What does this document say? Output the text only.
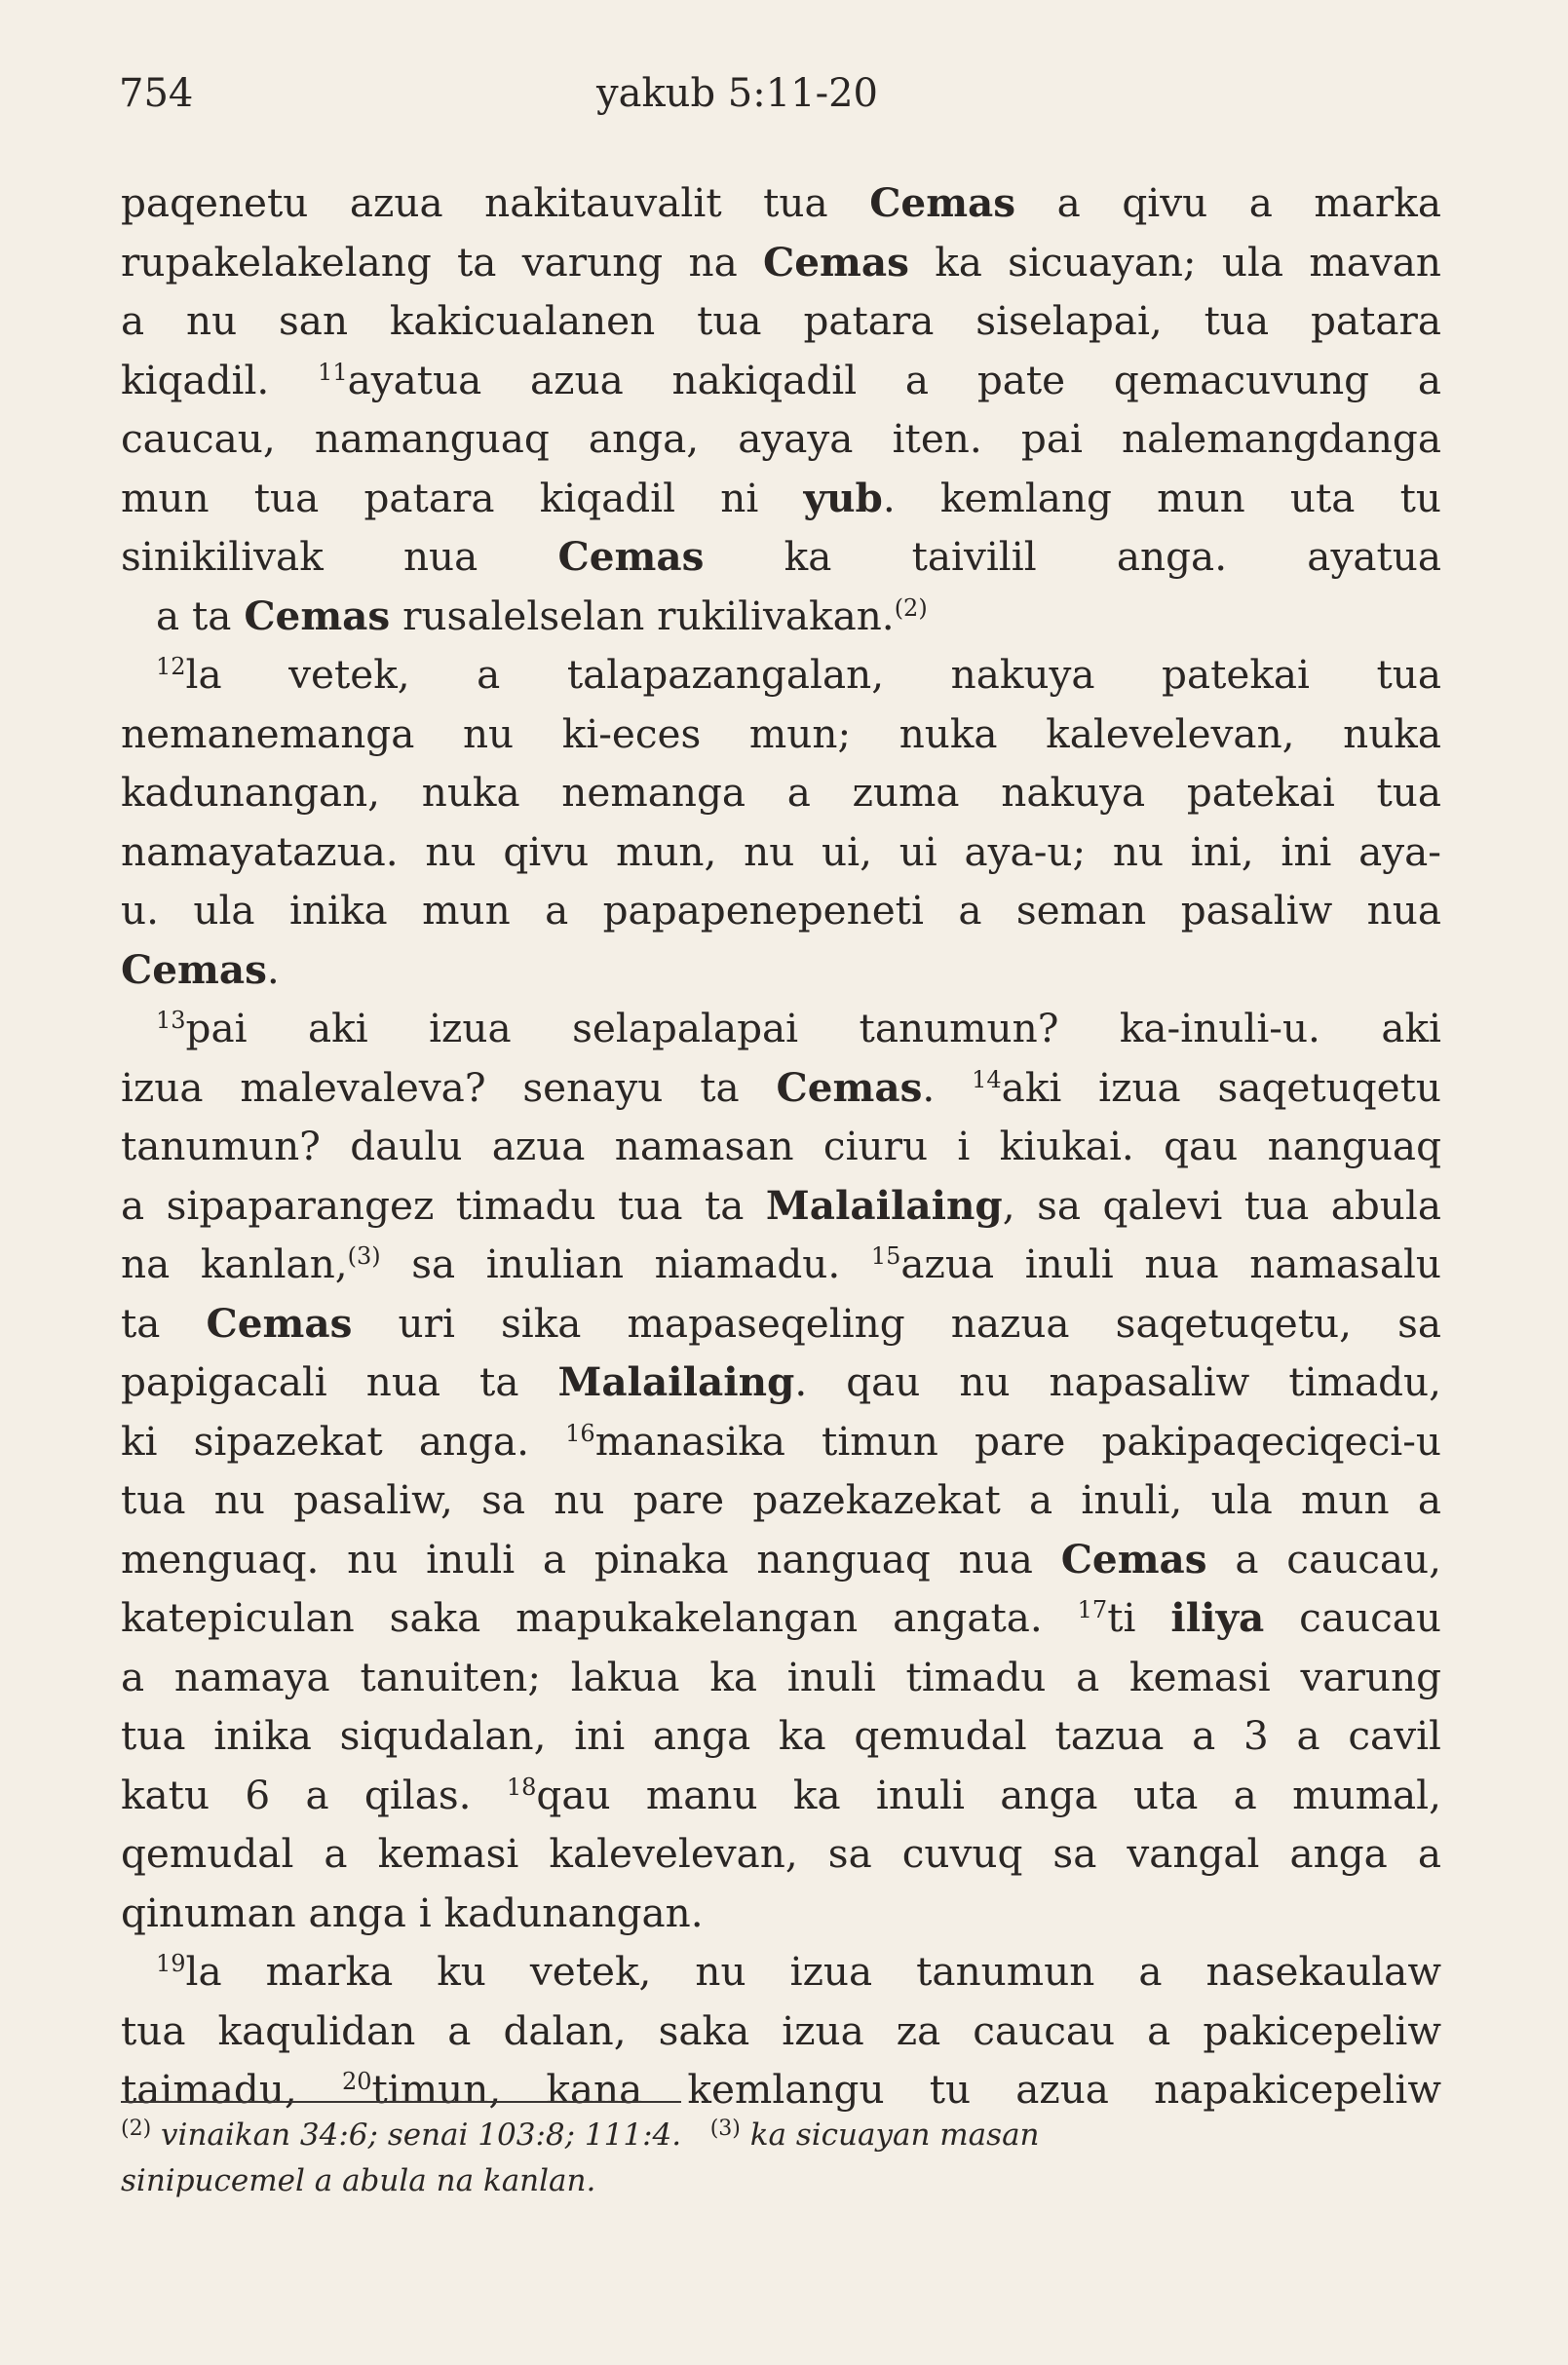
754	yakub 5:11-20
paqenetu azua nakitauvalit tua Cemas a qivu a marka
rupakelakelang ta varung na Cemas ka sicuayan; ula mavan
a nu san kakicualanen tua patara siselapai, tua patara
kiqadil. $^{11}$ayatua azua nakiqadil a pate qemacuvung a
caucau, namanguaq anga, ayaya iten. pai nalemangdanga
mun tua patara kiqadil ni yub. kemlang mun uta tu
sinikilivak nua Cemas ka taivilil anga. ayatua
a ta Cemas rusalelselan rukilivakan.$^{(2)}$
$^{12}$la vetek, a talapazangalan, nakuya patekai tua
nemanemanga nu ki-eces mun; nuka kalevelevan, nuka
kadunangan, nuka nemanga a zuma nakuya patekai tua
namayatazua. nu qivu mun, nu ui, ui aya-u; nu ini, ini aya-
u. ula inika mun a papapenepeneti a seman pasaliw nua
Cemas.
$^{13}$pai aki izua selapalapai tanumun? ka-inuli-u. aki
izua malevaleva? senayu ta Cemas. $^{14}$aki izua saqetuqetu
tanumun? daulu azua namasan ciuru i kiukai. qau nanguaq
a sipaparangez timadu tua ta Malailaing, sa qalevi tua abula
na kanlan,$^{(3)}$ sa inulian niamadu. $^{15}$azua inuli nua namasalu
ta Cemas uri sika mapaseqeling nazua saqetuqetu, sa
papigacali nua ta Malailaing. qau nu napasaliw timadu,
ki sipazekat anga. $^{16}$manasika timun pare pakipaqeciqeci-u
tua nu pasaliw, sa nu pare pazekazekat a inuli, ula mun a
menguaq. nu inuli a pinaka nanguaq nua Cemas a caucau,
katepiculan saka mapukakelangan angata. $^{17}$ti iliya caucau
a namaya tanuiten; lakua ka inuli timadu a kemasi varung
tua inika siqudalan, ini anga ka qemudal tazua a 3 a cavil
katu 6 a qilas. $^{18}$qau manu ka inuli anga uta a mumal,
qemudal a kemasi kalevelevan, sa cuvuq sa vangal anga a
qinuman anga i kadunangan.
$^{19}$la marka ku vetek, nu izua tanumun a nasekaulaw
tua kaqulidan a dalan, saka izua za caucau a pakicepeliw
taimadu, $^{20}$timun, kana kemlangu tu azua napakicepeliw
$^{(2)}$ vinaikan 34:6; senai 103:8; 111:4. $^{(3)}$ ka sicuayan masan
sinipucemel a abula na kanlan.
